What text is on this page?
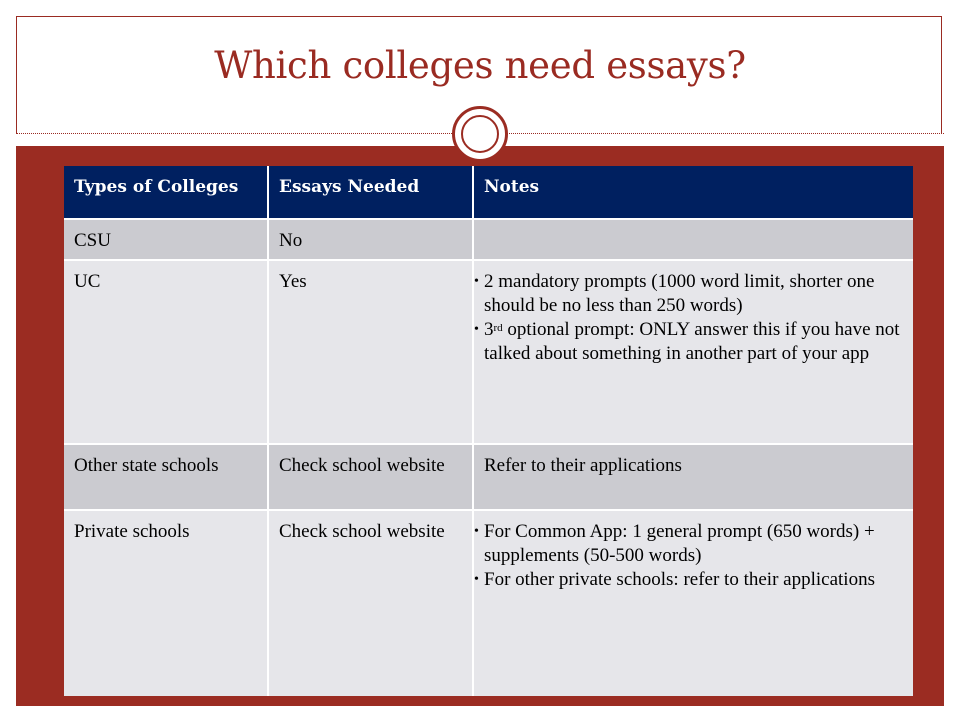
Which colleges need essays?
Types of Colleges	Essays Needed	Notes
CSU	No	
UC	Yes	• 2 mandatory prompts (1000 word limit, shorter one should be no less than 250 words)
• 3rd optional prompt: ONLY answer this if you have not talked about something in another part of your app

Other state schools	Check school website	Refer to their applications
Private schools	Check school website	• For Common App: 1 general prompt (650 words) + supplements (50-500 words)
• For other private schools: refer to their applications
